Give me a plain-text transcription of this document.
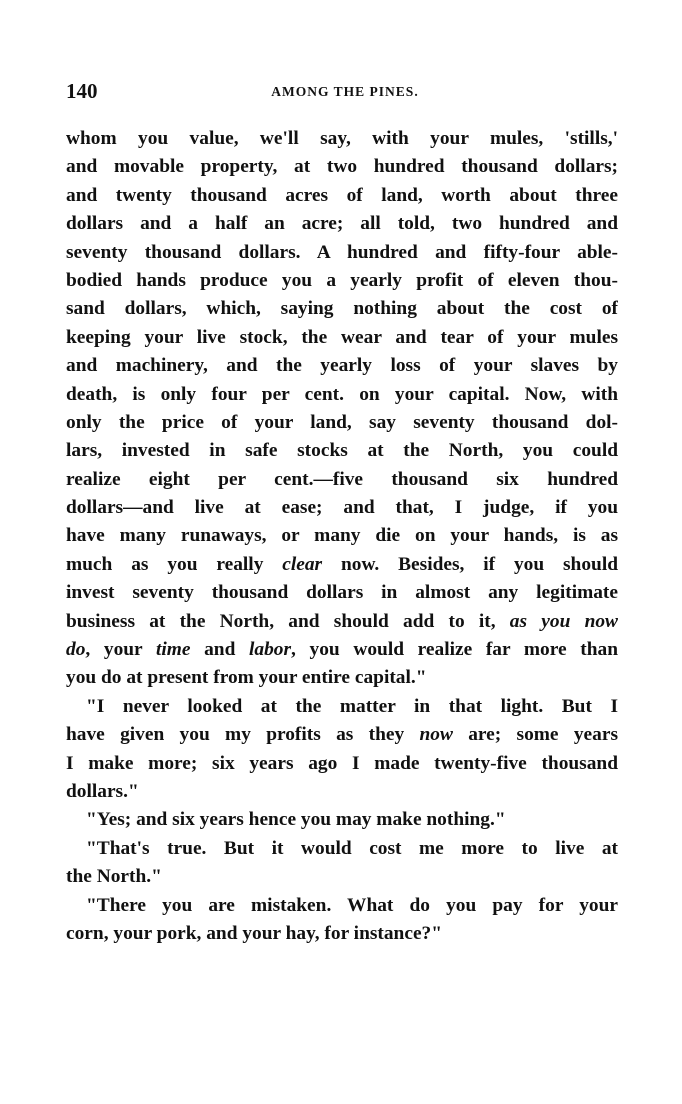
140	AMONG THE PINES.
whom you value, we'll say, with your mules, 'stills,'
and movable property, at two hundred thousand dollars;
and twenty thousand acres of land, worth about three
dollars and a half an acre; all told, two hundred and
seventy thousand dollars. A hundred and fifty-four able-
bodied hands produce you a yearly profit of eleven thou-
sand dollars, which, saying nothing about the cost of
keeping your live stock, the wear and tear of your mules
and machinery, and the yearly loss of your slaves by
death, is only four per cent. on your capital. Now, with
only the price of your land, say seventy thousand dol-
lars, invested in safe stocks at the North, you could
realize eight per cent.—five thousand six hundred
dollars—and live at ease; and that, I judge, if you
have many runaways, or many die on your hands, is as
much as you really clear now. Besides, if you should
invest seventy thousand dollars in almost any legitimate
business at the North, and should add to it, as you now
do, your time and labor, you would realize far more than
you do at present from your entire capital."
"I never looked at the matter in that light. But I
have given you my profits as they now are; some years
I make more; six years ago I made twenty-five thousand
dollars."
"Yes; and six years hence you may make nothing."
"That's true. But it would cost me more to live at
the North."
"There you are mistaken. What do you pay for your
corn, your pork, and your hay, for instance?"
